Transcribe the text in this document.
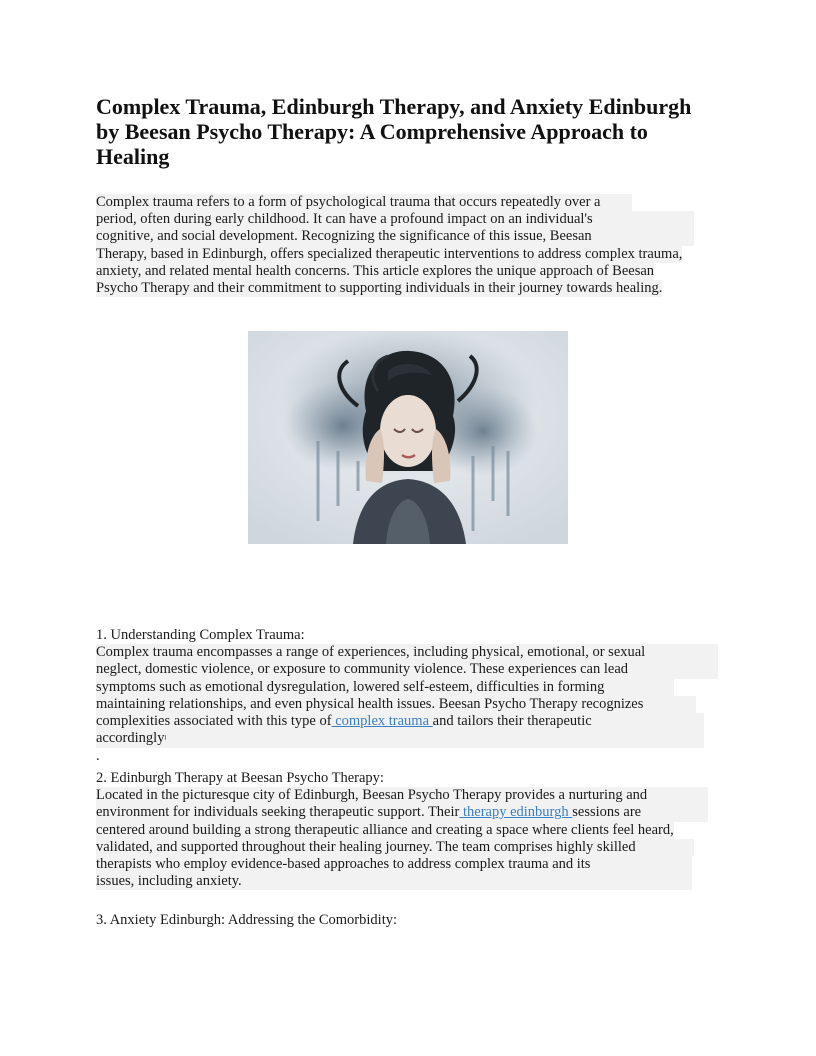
Complex Trauma, Edinburgh Therapy, and Anxiety Edinburgh
by Beesan Psycho Therapy: A Comprehensive Approach to
Healing
Complex trauma refers to a form of psychological trauma that occurs repeatedly over a
period, often during early childhood. It can have a profound impact on an individual's
cognitive, and social development. Recognizing the significance of this issue, Beesan
Therapy, based in Edinburgh, offers specialized therapeutic interventions to address complex trauma,
anxiety, and related mental health concerns. This article explores the unique approach of Beesan
Psycho Therapy and their commitment to supporting individuals in their journey towards healing.
1. Understanding Complex Trauma:
Complex trauma encompasses a range of experiences, including physical, emotional, or sexual
neglect, domestic violence, or exposure to community violence. These experiences can lead
symptoms such as emotional dysregulation, lowered self-esteem, difficulties in forming
maintaining relationships, and even physical health issues. Beesan Psycho Therapy recognizes
complexities associated with this type of complex trauma and tailors their therapeutic
accordinglyᴵ
.
2. Edinburgh Therapy at Beesan Psycho Therapy:
Located in the picturesque city of Edinburgh, Beesan Psycho Therapy provides a nurturing and
environment for individuals seeking therapeutic support. Their therapy edinburgh sessions are
centered around building a strong therapeutic alliance and creating a space where clients feel heard,
validated, and supported throughout their healing journey. The team comprises highly skilled
therapists who employ evidence-based approaches to address complex trauma and its
issues, including anxiety.
3. Anxiety Edinburgh: Addressing the Comorbidity:
